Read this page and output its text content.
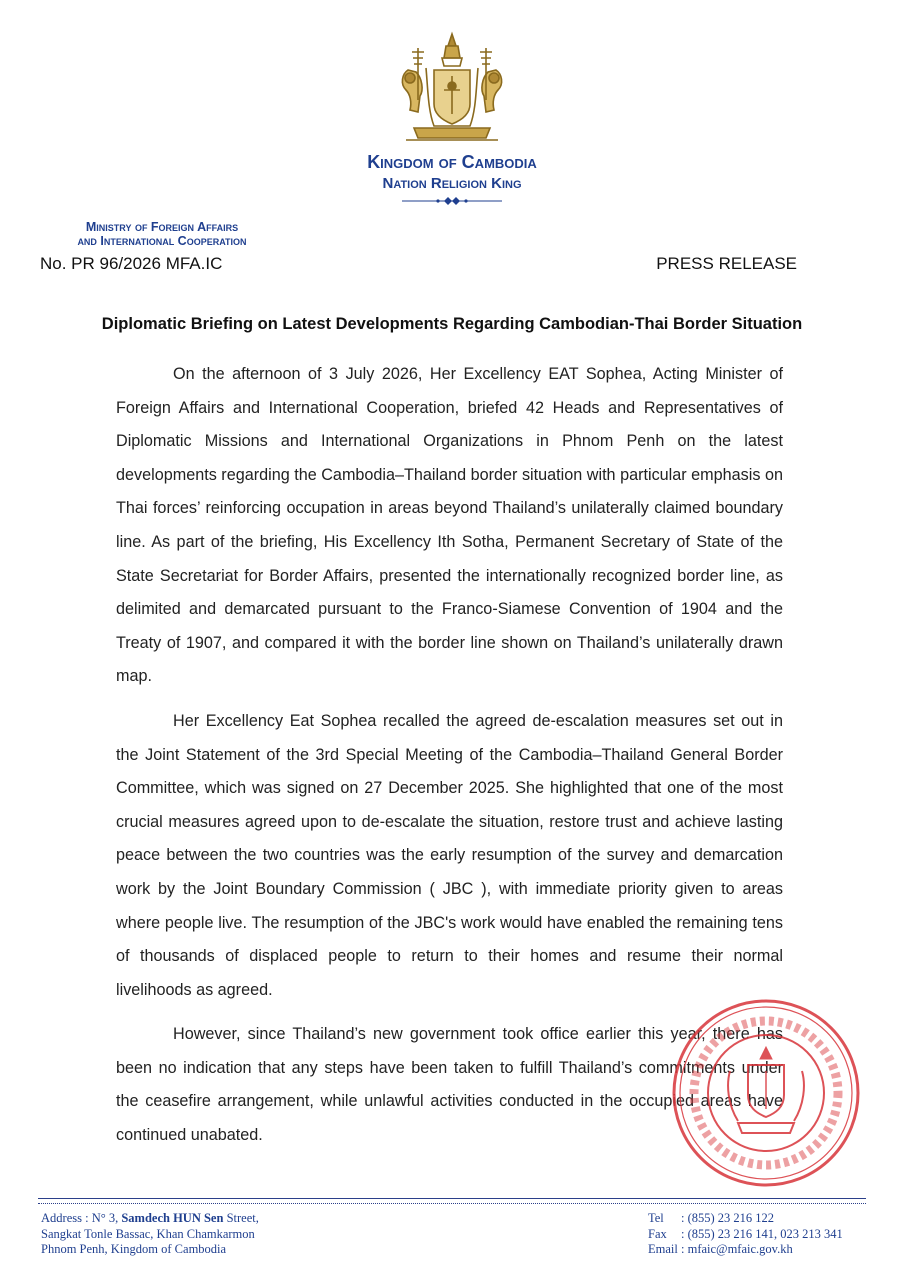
Kingdom of Cambodia
Nation Religion King
Ministry of Foreign Affairs
and International Cooperation
No. PR 96/2026 MFA.IC	PRESS RELEASE
Diplomatic Briefing on Latest Developments Regarding Cambodian-Thai Border Situation

On the afternoon of 3 July 2026, Her Excellency EAT Sophea, Acting Minister of Foreign Affairs and International Cooperation, briefed 42 Heads and Representatives of Diplomatic Missions and International Organizations in Phnom Penh on the latest developments regarding the Cambodia–Thailand border situation with particular emphasis on Thai forces’ reinforcing occupation in areas beyond Thailand’s unilaterally claimed boundary line. As part of the briefing, His Excellency Ith Sotha, Permanent Secretary of State of the State Secretariat for Border Affairs, presented the internationally recognized border line, as delimited and demarcated pursuant to the Franco-Siamese Convention of 1904 and the Treaty of 1907, and compared it with the border line shown on Thailand’s unilaterally drawn map.

Her Excellency Eat Sophea recalled the agreed de-escalation measures set out in the Joint Statement of the 3rd Special Meeting of the Cambodia–Thailand General Border Committee, which was signed on 27 December 2025. She highlighted that one of the most crucial measures agreed upon to de-escalate the situation, restore trust and achieve lasting peace between the two countries was the early resumption of the survey and demarcation work by the Joint Boundary Commission ( JBC ), with immediate priority given to areas where people live. The resumption of the JBC's work would have enabled the remaining tens of thousands of displaced people to return to their homes and resume their normal livelihoods as agreed.

However, since Thailand’s new government took office earlier this year, there has been no indication that any steps have been taken to fulfill Thailand’s commitments under the ceasefire arrangement, while unlawful activities conducted in the occupied areas have continued unabated.

Address : N° 3, Samdech HUN Sen Street,
Sangkat Tonle Bassac, Khan Chamkarmon
Phnom Penh, Kingdom of Cambodia
Tel : (855) 23 216 122
Fax : (855) 23 216 141, 023 213 341
Email : mfaic@mfaic.gov.kh
